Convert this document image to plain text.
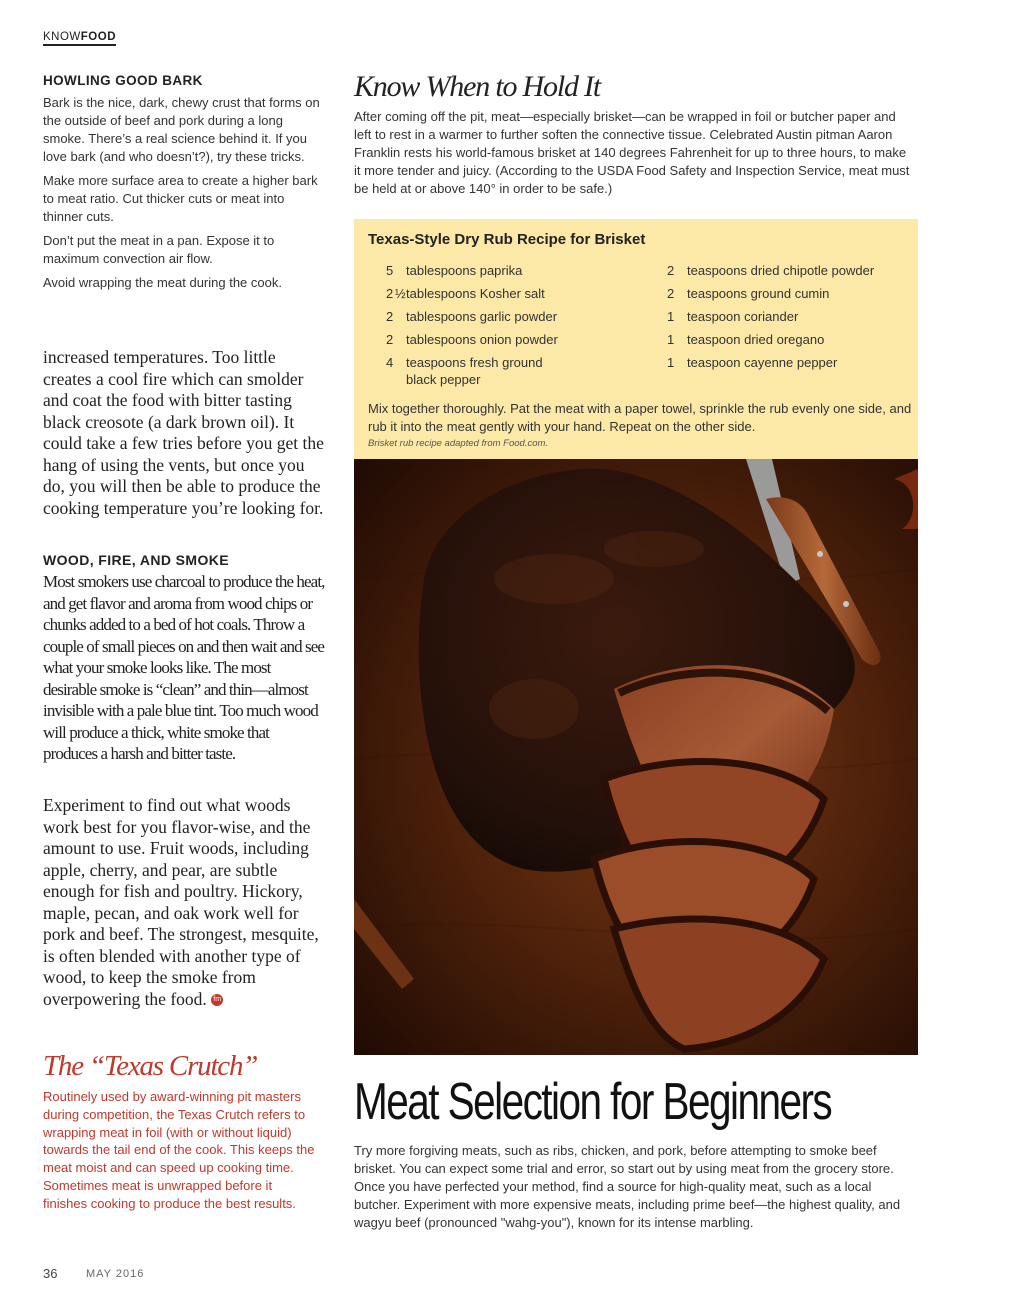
KNOWFOOD
HOWLING GOOD BARK

Bark is the nice, dark, chewy crust that forms on the outside of beef and pork during a long smoke. There’s a real science behind it. If you love bark (and who doesn’t?), try these tricks.

Make more surface area to create a higher bark to meat ratio. Cut thicker cuts or meat into thinner cuts.

Don’t put the meat in a pan. Expose it to maximum convection air flow.

Avoid wrapping the meat during the cook.

increased temperatures. Too little creates a cool fire which can smolder and coat the food with bitter tasting black creosote (a dark brown oil). It could take a few tries before you get the hang of using the vents, but once you do, you will then be able to produce the cooking temperature you’re looking for.
WOOD, FIRE, AND SMOKE
Most smokers use charcoal to produce the heat, and get flavor and aroma from wood chips or chunks added to a bed of hot coals. Throw a couple of small pieces on and then wait and see what your smoke looks like. The most desirable smoke is “clean” and thin—almost invisible with a pale blue tint. Too much wood will produce a thick, white smoke that produces a harsh and bitter taste.
Experiment to find out what woods work best for you flavor-wise, and the amount to use. Fruit woods, including apple, cherry, and pear, are subtle enough for fish and poultry. Hickory, maple, pecan, and oak work well for pork and beef. The strongest, mesquite, is often blended with another type of wood, to keep the smoke from overpowering the food. fm
The “Texas Crutch”
Routinely used by award-winning pit masters during competition, the Texas Crutch refers to wrapping meat in foil (with or without liquid) towards the tail end of the cook. This keeps the meat moist and can speed up cooking time. Sometimes meat is unwrapped before it finishes cooking to produce the best results.
Know When to Hold It
After coming off the pit, meat—especially brisket—can be wrapped in foil or butcher paper and left to rest in a warmer to further soften the connective tissue. Celebrated Austin pitman Aaron Franklin rests his world-famous brisket at 140 degrees Fahrenheit for up to three hours, to make it more tender and juicy. (According to the USDA Food Safety and Inspection Service, meat must be held at or above 140° in order to be safe.)
Texas-Style Dry Rub Recipe for Brisket
5 tablespoons paprika
2 ½ tablespoons Kosher salt
2 tablespoons garlic powder
2 tablespoons onion powder
4 teaspoons fresh ground black pepper
2 teaspoons dried chipotle powder
2 teaspoons ground cumin
1 teaspoon coriander
1 teaspoon dried oregano
1 teaspoon cayenne pepper
Mix together thoroughly. Pat the meat with a paper towel, sprinkle the rub evenly one side, and rub it into the meat gently with your hand. Repeat on the other side.
Brisket rub recipe adapted from Food.com.
Meat Selection for Beginners
Try more forgiving meats, such as ribs, chicken, and pork, before attempting to smoke beef brisket. You can expect some trial and error, so start out by using meat from the grocery store. Once you have perfected your method, find a source for high-quality meat, such as a local butcher. Experiment with more expensive meats, including prime beef—the highest quality, and wagyu beef (pronounced "wahg-you"), known for its intense marbling.
36	MAY 2016
